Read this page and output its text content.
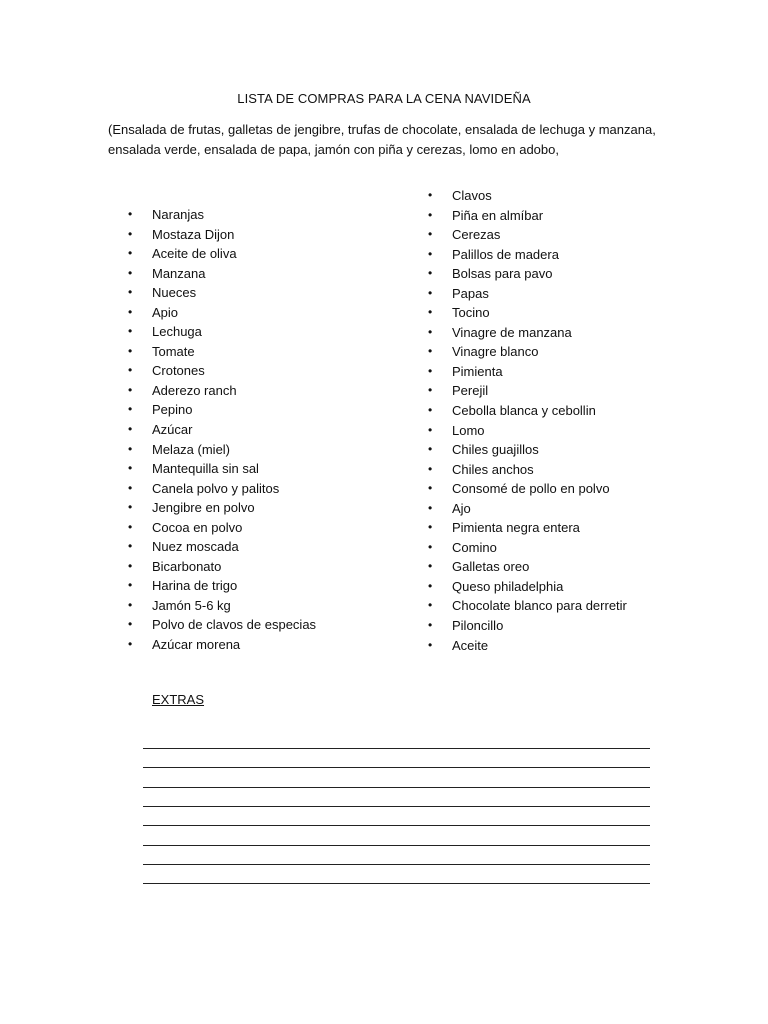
LISTA DE COMPRAS PARA LA CENA NAVIDEÑA
(Ensalada de frutas, galletas de jengibre, trufas de chocolate, ensalada de lechuga y manzana,
ensalada verde, ensalada de papa, jamón con piña y cerezas, lomo en adobo,
• Naranjas
• Mostaza Dijon
• Aceite de oliva
• Manzana
• Nueces
• Apio
• Lechuga
• Tomate
• Crotones
• Aderezo ranch
• Pepino
• Azúcar
• Melaza (miel)
• Mantequilla sin sal
• Canela polvo y palitos
• Jengibre en polvo
• Cocoa en polvo
• Nuez moscada
• Bicarbonato
• Harina de trigo
• Jamón 5-6 kg
• Polvo de clavos de especias
• Azúcar morena
• Clavos
• Piña en almíbar
• Cerezas
• Palillos de madera
• Bolsas para pavo
• Papas
• Tocino
• Vinagre de manzana
• Vinagre blanco
• Pimienta
• Perejil
• Cebolla blanca y cebollin
• Lomo
• Chiles guajillos
• Chiles anchos
• Consomé de pollo en polvo
• Ajo
• Pimienta negra entera
• Comino
• Galletas oreo
• Queso philadelphia
• Chocolate blanco para derretir
• Piloncillo
• Aceite
EXTRAS
